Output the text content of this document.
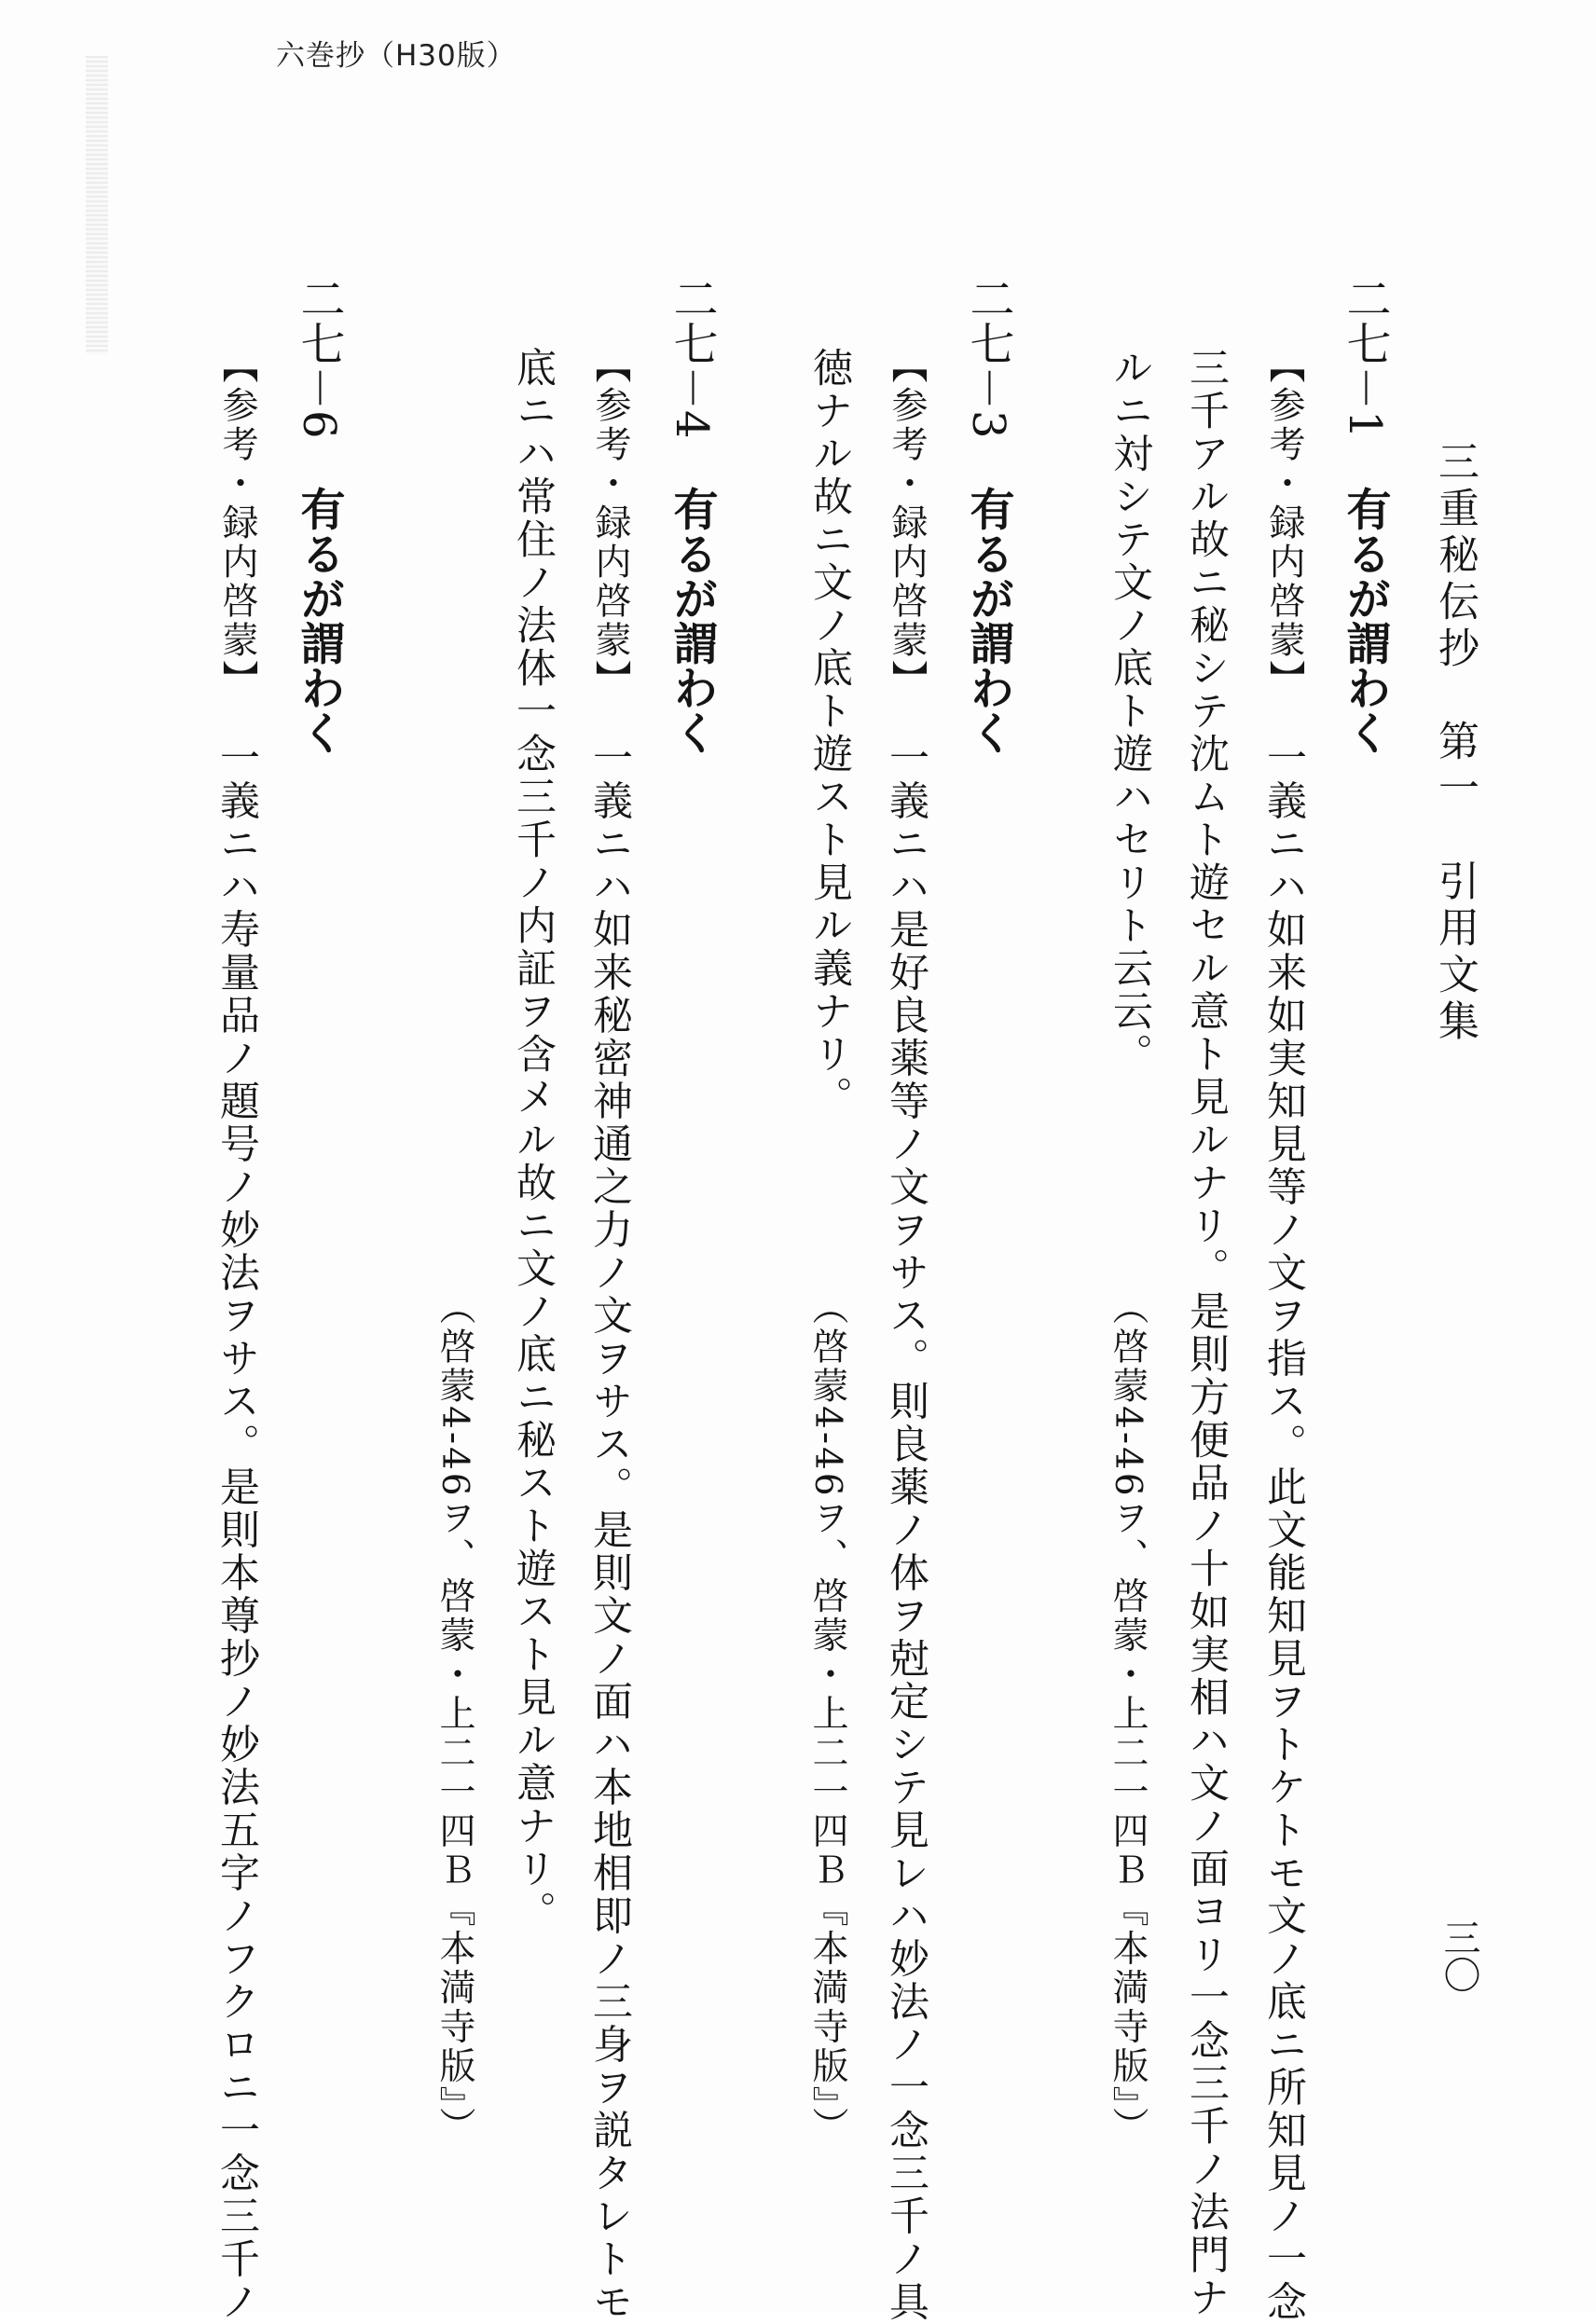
六巻抄（H30版）
三重秘伝抄　第一　引用文集
三〇
二七－1 有るが謂わく
【参考・録内啓蒙】 一義ニハ如来如実知見等ノ文ヲ指ス。此文能知見ヲトケトモ文ノ底ニ所知見ノ一念
三千アル故ニ秘シテ沈ムト遊セル意ト見ルナリ。是則方便品ノ十如実相ハ文ノ面ヨリ一念三千ノ法門ナ
ルニ対シテ文ノ底ト遊ハセリト云云。
（啓蒙4-46ヲ、啓蒙・上二一四Ｂ『本満寺版』）
二七－3 有るが謂わく
【参考・録内啓蒙】 一義ニハ是好良薬等ノ文ヲサス。則良薬ノ体ヲ尅定シテ見レハ妙法ノ一念三千ノ具
徳ナル故ニ文ノ底ト遊スト見ル義ナリ。
（啓蒙4-46ヲ、啓蒙・上二一四Ｂ『本満寺版』）
二七－4 有るが謂わく
【参考・録内啓蒙】 一義ニハ如来秘密神通之力ノ文ヲサス。是則文ノ面ハ本地相即ノ三身ヲ説タレトモ
底ニハ常住ノ法体一念三千ノ内証ヲ含メル故ニ文ノ底ニ秘スト遊スト見ル意ナリ。
（啓蒙4-46ヲ、啓蒙・上二一四Ｂ『本満寺版』）
二七－6 有るが謂わく
【参考・録内啓蒙】 一義ニハ寿量品ノ題号ノ妙法ヲサス。是則本尊抄ノ妙法五字ノフクロニ一念三千ノ
